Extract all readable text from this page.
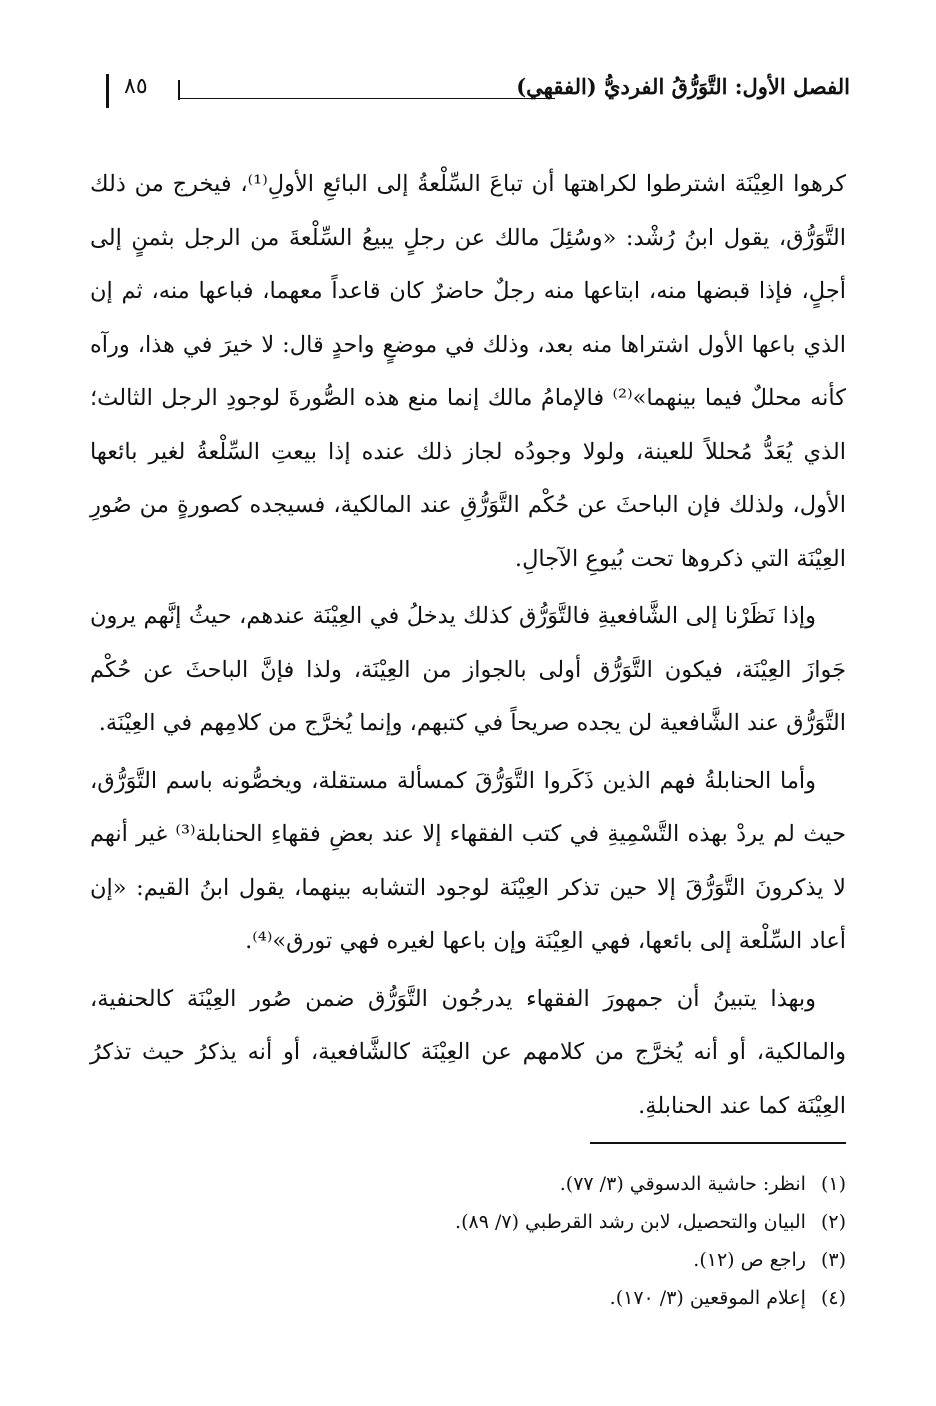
٨٥	الفصل الأول: التَّوَرُّقُ الفرديُّ (الفقهي)

كرهوا العِيْنَة اشترطوا لكراهتها أن تباعَ السِّلْعةُ إلى البائعِ الأولِ⁽¹⁾، فيخرج من ذلك التَّوَرُّق، يقول ابنُ رُشْد: «وسُئِلَ مالك عن رجلٍ يبيعُ السِّلْعةَ من الرجل بثمنٍ إلى أجلٍ، فإذا قبضها منه، ابتاعها منه رجلٌ حاضرٌ كان قاعداً معهما، فباعها منه، ثم إن الذي باعها الأول اشتراها منه بعد، وذلك في موضعٍ واحدٍ قال: لا خيرَ في هذا، ورآه كأنه محللٌ فيما بينهما»⁽²⁾ فالإمامُ مالك إنما منع هذه الصُّورةَ لوجودِ الرجل الثالث؛ الذي يُعَدُّ مُحللاً للعينة، ولولا وجودُه لجاز ذلك عنده إذا بيعتِ السِّلْعةُ لغير بائعها الأول، ولذلك فإن الباحثَ عن حُكْم التَّوَرُّقِ عند المالكية، فسيجده كصورةٍ من صُورِ العِيْنَة التي ذكروها تحت بُيوعِ الآجالِ.

وإذا نَظَرْنا إلى الشَّافعيةِ فالتَّوَرُّق كذلك يدخلُ في العِيْنَة عندهم، حيثُ إنَّهم يرون جَوازَ العِيْنَة، فيكون التَّوَرُّق أولى بالجواز من العِيْنَة، ولذا فإنَّ الباحثَ عن حُكْم التَّوَرُّق عند الشَّافعية لن يجده صريحاً في كتبهم، وإنما يُخرَّج من كلامِهم في العِيْنَة.

وأما الحنابلةُ فهم الذين ذَكَروا التَّوَرُّقَ كمسألة مستقلة، ويخصُّونه باسم التَّوَرُّق، حيث لم يردْ بهذه التَّسْمِيةِ في كتب الفقهاء إلا عند بعضِ فقهاءِ الحنابلة⁽³⁾ غير أنهم لا يذكرونَ التَّوَرُّقَ إلا حين تذكر العِيْنَة لوجود التشابه بينهما، يقول ابنُ القيم: «إن أعاد السِّلْعة إلى بائعها، فهي العِيْنَة وإن باعها لغيره فهي تورق»⁽⁴⁾.

وبهذا يتبينُ أن جمهورَ الفقهاء يدرجُون التَّوَرُّق ضمن صُور العِيْنَة كالحنفية، والمالكية، أو أنه يُخرَّج من كلامهم عن العِيْنَة كالشَّافعية، أو أنه يذكرُ حيث تذكرُ العِيْنَة كما عند الحنابلةِ.

(١) انظر: حاشية الدسوقي (٣/ ٧٧).
(٢) البيان والتحصيل، لابن رشد القرطبي (٧/ ٨٩).
(٣) راجع ص (١٢).
(٤) إعلام الموقعين (٣/ ١٧٠).
